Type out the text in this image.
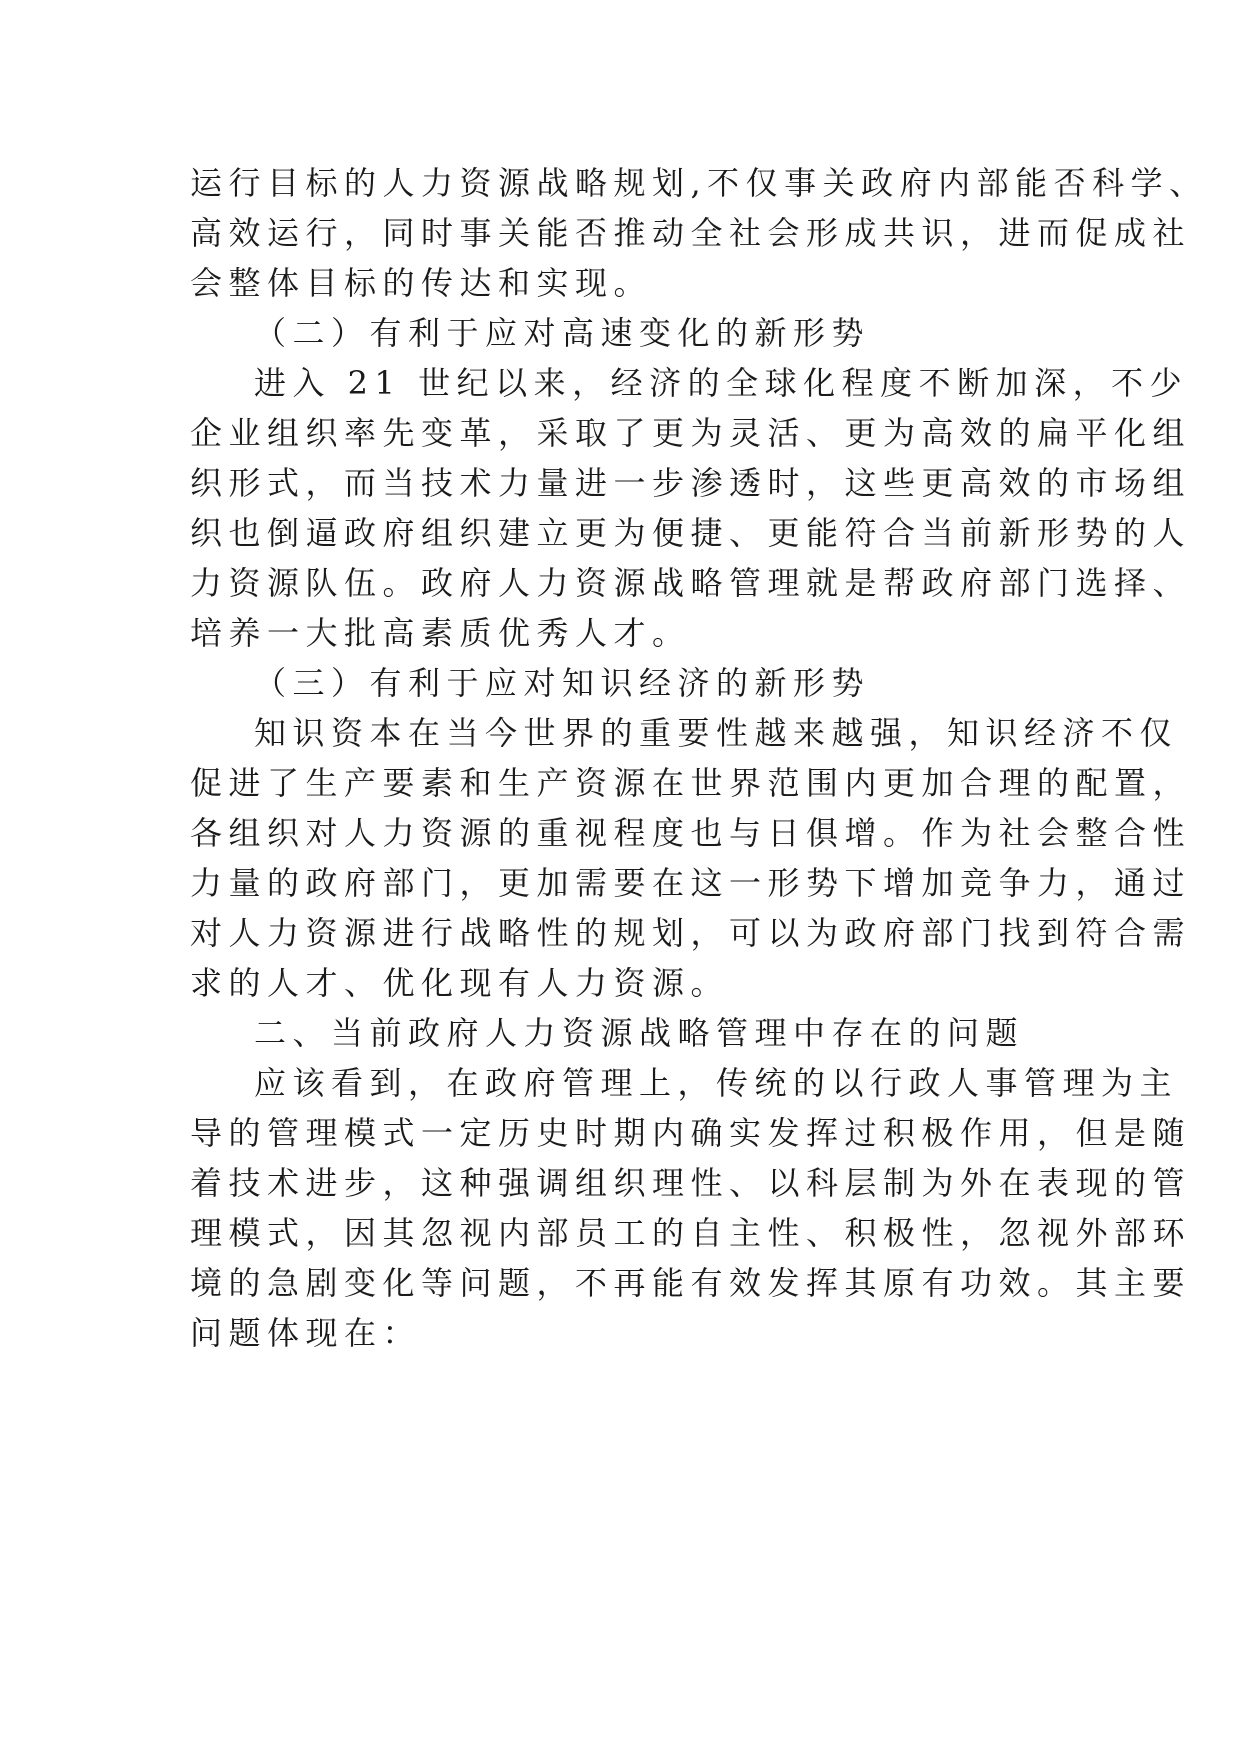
运行目标的人力资源战略规划,不仅事关政府内部能否科学、
高效运行，同时事关能否推动全社会形成共识，进而促成社
会整体目标的传达和实现。
（二）有利于应对高速变化的新形势
进入 21 世纪以来，经济的全球化程度不断加深，不少
企业组织率先变革，采取了更为灵活、更为高效的扁平化组
织形式，而当技术力量进一步渗透时，这些更高效的市场组
织也倒逼政府组织建立更为便捷、更能符合当前新形势的人
力资源队伍。政府人力资源战略管理就是帮政府部门选择、
培养一大批高素质优秀人才。
（三）有利于应对知识经济的新形势
知识资本在当今世界的重要性越来越强，知识经济不仅
促进了生产要素和生产资源在世界范围内更加合理的配置，
各组织对人力资源的重视程度也与日俱增。作为社会整合性
力量的政府部门，更加需要在这一形势下增加竞争力，通过
对人力资源进行战略性的规划，可以为政府部门找到符合需
求的人才、优化现有人力资源。
二、当前政府人力资源战略管理中存在的问题
应该看到，在政府管理上，传统的以行政人事管理为主
导的管理模式一定历史时期内确实发挥过积极作用，但是随
着技术进步，这种强调组织理性、以科层制为外在表现的管
理模式，因其忽视内部员工的自主性、积极性，忽视外部环
境的急剧变化等问题，不再能有效发挥其原有功效。其主要
问题体现在：
